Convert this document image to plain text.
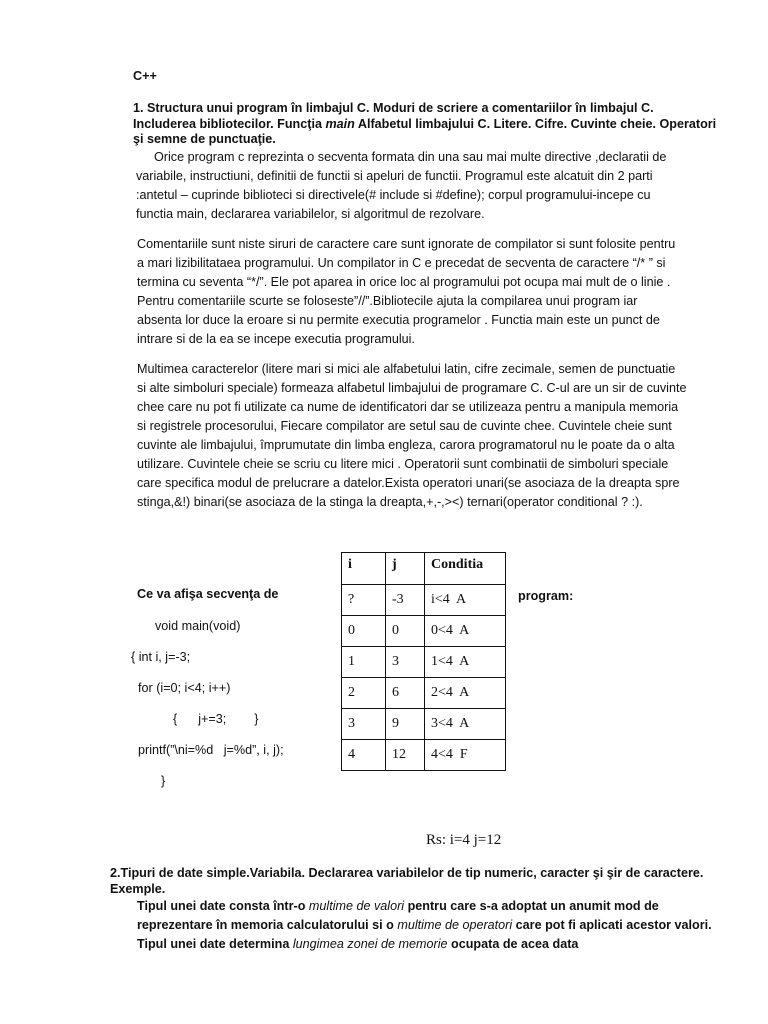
C++
1. Structura unui program în limbajul C. Moduri de scriere a comentariilor în limbajul C.
Includerea bibliotecilor. Funcţia main Alfabetul limbajului C. Litere. Cifre. Cuvinte cheie. Operatori
şi semne de punctuaţie.
Orice program c reprezinta o secventa formata din una sau mai multe directive ,declaratii de
variabile, instructiuni, definitii de functii si apeluri de functii. Programul este alcatuit din 2 parti
:antetul – cuprinde biblioteci si directivele(# include si #define); corpul programului-incepe cu
functia main, declararea variabilelor, si algoritmul de rezolvare.
Comentariile sunt niste siruri de caractere care sunt ignorate de compilator si sunt folosite pentru
a mari lizibilitataea programului. Un compilator in C e precedat de secventa de caractere “/* ” si
termina cu seventa “*/”. Ele pot aparea in orice loc al programului pot ocupa mai mult de o linie .
Pentru comentariile scurte se foloseste”//”.Bibliotecile ajuta la compilarea unui program iar
absenta lor duce la eroare si nu permite executia programelor . Functia main este un punct de
intrare si de la ea se incepe executia programului.
Multimea caracterelor (litere mari si mici ale alfabetului latin, cifre zecimale, semen de punctuatie
si alte simboluri speciale) formeaza alfabetul limbajului de programare C. C-ul are un sir de cuvinte
chee care nu pot fi utilizate ca nume de identificatori dar se utilizeaza pentru a manipula memoria
si registrele procesorului, Fiecare compilator are setul sau de cuvinte chee. Cuvintele cheie sunt
cuvinte ale limbajului, împrumutate din limba engleza, carora programatorul nu le poate da o alta
utilizare. Cuvintele cheie se scriu cu litere mici . Operatorii sunt combinatii de simboluri speciale
care specifica modul de prelucrare a datelor.Exista operatori unari(se asociaza de la dreapta spre
stinga,&!) binari(se asociaza de la stinga la dreapta,+,-,><) ternari(operator conditional ? :).
Ce va afişa secvenţa de	program:
void main(void)
{ int i, j=-3;
for (i=0; i<4; i++)
{      j+=3;        }
printf(”\ni=%d   j=%d”, i, j);
}
i	j	Conditia
?	-3	i<4  A
0	0	0<4  A
1	3	1<4  A
2	6	2<4  A
3	9	3<4  A
4	12	4<4  F
Rs: i=4 j=12
2.Tipuri de date simple.Variabila. Declararea variabilelor de tip numeric, caracter şi şir de caractere.
Exemple.
Tipul unei date consta într-o multime de valori pentru care s-a adoptat un anumit mod de
reprezentare în memoria calculatorului si o multime de operatori care pot fi aplicati acestor valori.
Tipul unei date determina lungimea zonei de memorie ocupata de acea data
